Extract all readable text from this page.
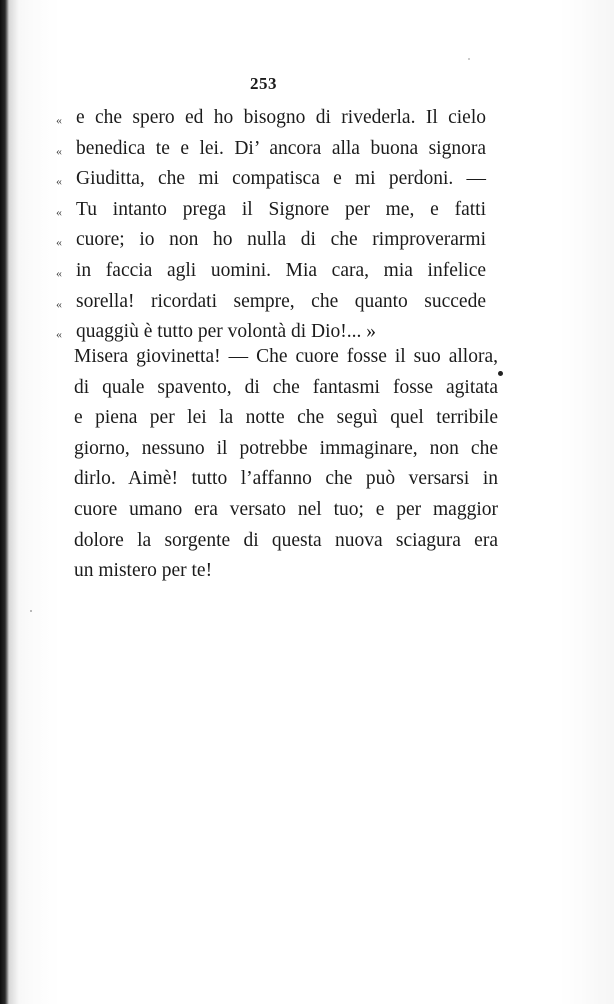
253
« e che spero ed ho bisogno di rivederla. Il cielo
« benedica te e lei. Di’ ancora alla buona signora
« Giuditta, che mi compatisca e mi perdoni. —
« Tu intanto prega il Signore per me, e fatti
« cuore; io non ho nulla di che rimproverarmi
« in faccia agli uomini. Mia cara, mia infelice
« sorella! ricordati sempre, che quanto succede
« quaggiù è tutto per volontà di Dio!... »
Misera giovinetta! — Che cuore fosse il suo allora,
di quale spavento, di che fantasmi fosse agitata
e piena per lei la notte che seguì quel terribile
giorno, nessuno il potrebbe immaginare, non che
dirlo. Aimè! tutto l’affanno che può versarsi in
cuore umano era versato nel tuo; e per maggior
dolore la sorgente di questa nuova sciagura era
un mistero per te!
